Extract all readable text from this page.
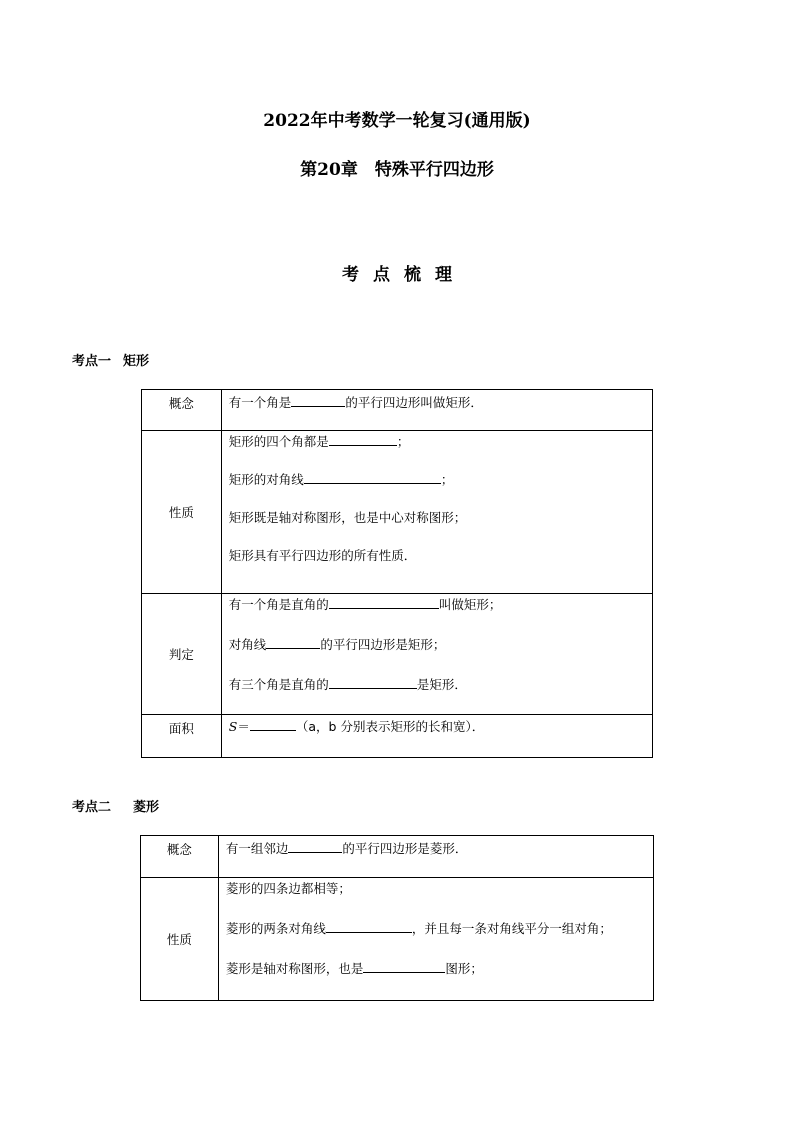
2022年中考数学一轮复习(通用版)
第20章　特殊平行四边形
考点梳理
考点一 矩形
概念	有一个角是 的平行四边形叫做矩形．

性质	矩形的四个角都是 ；
矩形的对角线 ；
矩形既是轴对称图形，也是中心对称图形；
矩形具有平行四边形的所有性质．

判定	有一个角是直角的 叫做矩形；
对角线 的平行四边形是矩形；
有三个角是直角的 是矩形．

面积	S＝ （a，b 分别表示矩形的长和宽）．
考点二 菱形
概念	有一组邻边 的平行四边形是菱形．

性质	菱形的四条边都相等；
菱形的两条对角线 ，并且每一条对角线平分一组对角；
菱形是轴对称图形，也是 图形；
